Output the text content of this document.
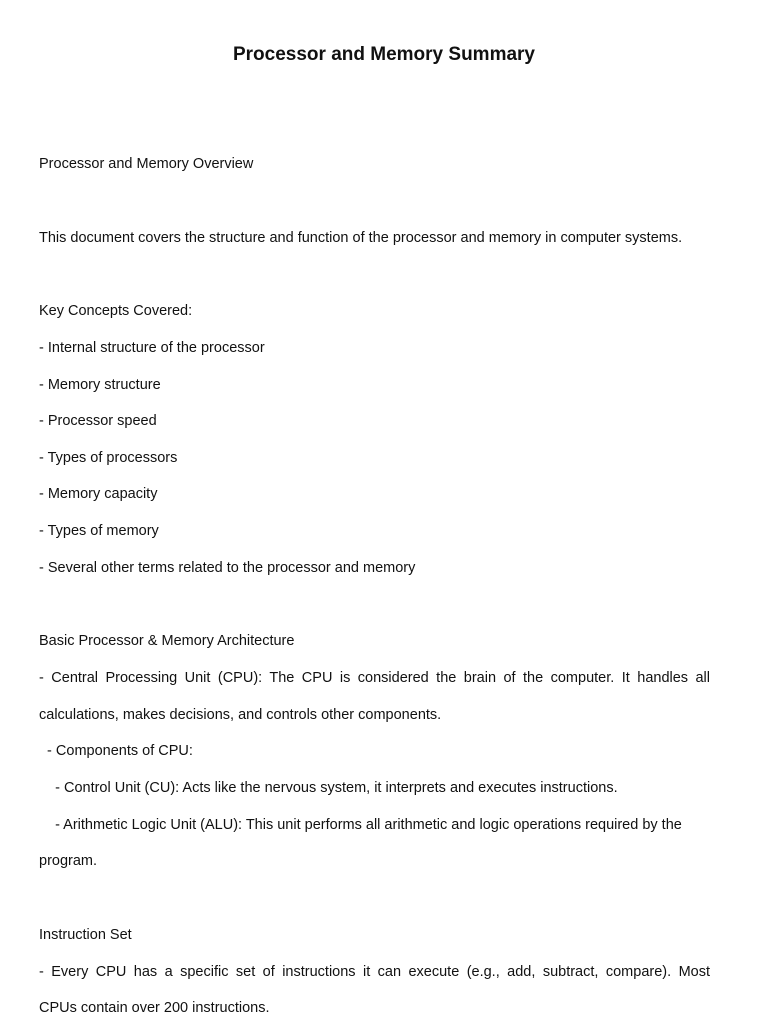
Processor and Memory Summary
Processor and Memory Overview
This document covers the structure and function of the processor and memory in computer systems.
Key Concepts Covered:
- Internal structure of the processor
- Memory structure
- Processor speed
- Types of processors
- Memory capacity
- Types of memory
- Several other terms related to the processor and memory
Basic Processor & Memory Architecture
- Central Processing Unit (CPU): The CPU is considered the brain of the computer. It handles all
calculations, makes decisions, and controls other components.
- Components of CPU:
- Control Unit (CU): Acts like the nervous system, it interprets and executes instructions.
- Arithmetic Logic Unit (ALU): This unit performs all arithmetic and logic operations required by the
program.
Instruction Set
- Every CPU has a specific set of instructions it can execute (e.g., add, subtract, compare). Most
CPUs contain over 200 instructions.
